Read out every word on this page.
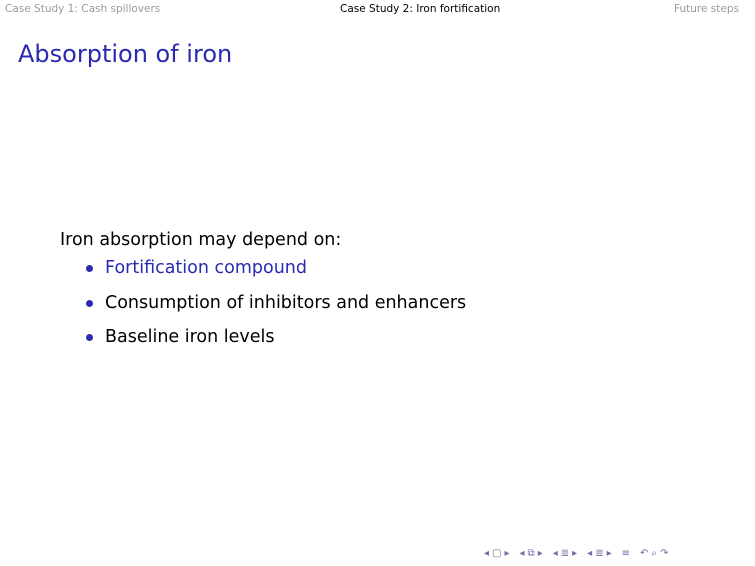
Case Study 1: Cash spillovers	Case Study 2: Iron fortification	Future steps
Absorption of iron
Iron absorption may depend on:
Fortification compound
Consumption of inhibitors and enhancers
Baseline iron levels
◂ ▢ ▸ ◂ ⧉ ▸ ◂ ≣ ▸ ◂ ≣ ▸ ≡ ↶ ⌕ ↷
